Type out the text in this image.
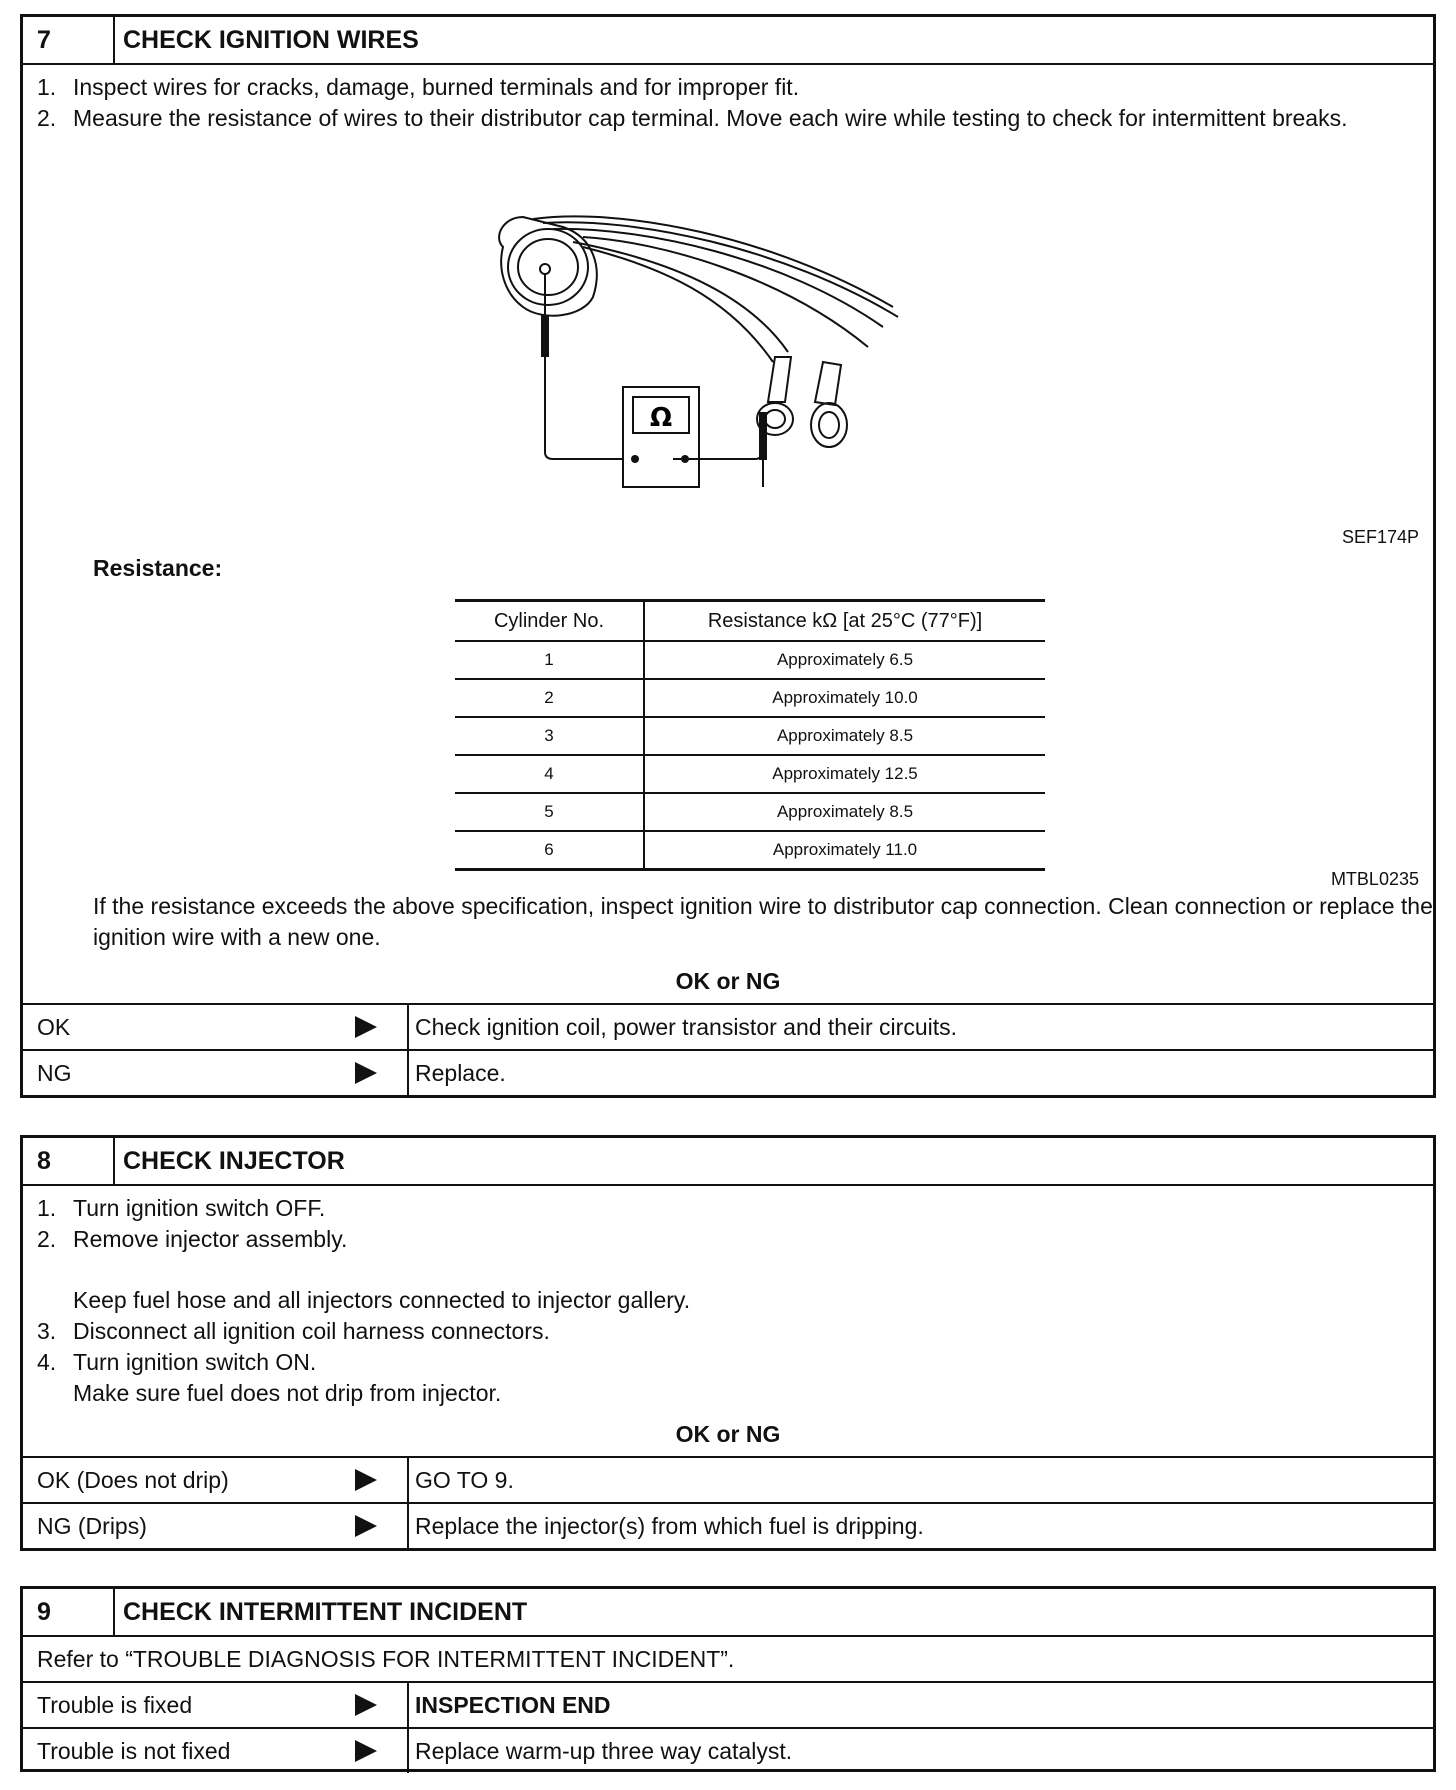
7	CHECK IGNITION WIRES
1. Inspect wires for cracks, damage, burned terminals and for improper fit.
2. Measure the resistance of wires to their distributor cap terminal. Move each wire while testing to check for intermittent breaks.
Ω
SEF174P
Resistance:
Cylinder No.	Resistance kΩ [at 25°C (77°F)]
1	Approximately 6.5
2	Approximately 10.0
3	Approximately 8.5
4	Approximately 12.5
5	Approximately 8.5
6	Approximately 11.0
MTBL0235
If the resistance exceeds the above specification, inspect ignition wire to distributor cap connection. Clean connection or replace the ignition wire with a new one.
OK or NG
OK	Check ignition coil, power transistor and their circuits.
NG	Replace.
8	CHECK INJECTOR
1. Turn ignition switch OFF.
2. Remove injector assembly.
Keep fuel hose and all injectors connected to injector gallery.
3. Disconnect all ignition coil harness connectors.
4. Turn ignition switch ON.
Make sure fuel does not drip from injector.
OK or NG
OK (Does not drip)	GO TO 9.
NG (Drips)	Replace the injector(s) from which fuel is dripping.
9	CHECK INTERMITTENT INCIDENT
Refer to “TROUBLE DIAGNOSIS FOR INTERMITTENT INCIDENT”.
Trouble is fixed	INSPECTION END
Trouble is not fixed	Replace warm-up three way catalyst.
